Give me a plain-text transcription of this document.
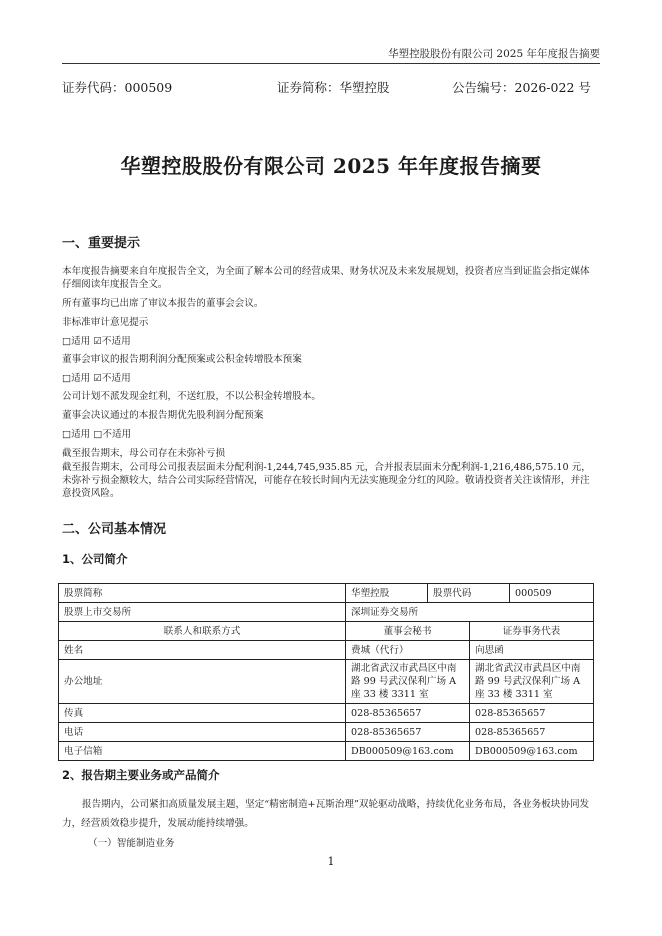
华塑控股股份有限公司 2025 年年度报告摘要
证券代码：000509	证券简称：华塑控股	公告编号：2026-022 号
华塑控股股份有限公司 2025 年年度报告摘要
一、重要提示
本年度报告摘要来自年度报告全文，为全面了解本公司的经营成果、财务状况及未来发展规划，投资者应当到证监会指定媒体仔细阅读年度报告全文。
所有董事均已出席了审议本报告的董事会会议。
非标准审计意见提示
□适用 ☑不适用
董事会审议的报告期利润分配预案或公积金转增股本预案
□适用 ☑不适用
公司计划不派发现金红利，不送红股，不以公积金转增股本。
董事会决议通过的本报告期优先股利润分配预案
□适用 □不适用
截至报告期末，母公司存在未弥补亏损
截至报告期末，公司母公司报表层面未分配利润-1,244,745,935.85 元，合并报表层面未分配利润-1,216,486,575.10 元，未弥补亏损金额较大，结合公司实际经营情况，可能存在较长时间内无法实施现金分红的风险。敬请投资者关注该情形，并注意投资风险。
二、公司基本情况
1、公司简介
股票简称	华塑控股	股票代码		000509
股票上市交易所	深圳证券交易所			
联系人和联系方式	董事会秘书		证券事务代表	
姓名	费城（代行）		向思函	
办公地址	湖北省武汉市武昌区中南路 99 号武汉保利广场 A 座 33 楼 3311 室		湖北省武汉市武昌区中南路 99 号武汉保利广场 A 座 33 楼 3311 室	
传真	028-85365657		028-85365657	
电话	028-85365657		028-85365657	
电子信箱	DB000509@163.com		DB000509@163.com	
2、报告期主要业务或产品简介
报告期内，公司紧扣高质量发展主题，坚定“精密制造+瓦斯治理”双轮驱动战略，持续优化业务布局，各业务板块协同发力，经营质效稳步提升，发展动能持续增强。
（一）智能制造业务
1
